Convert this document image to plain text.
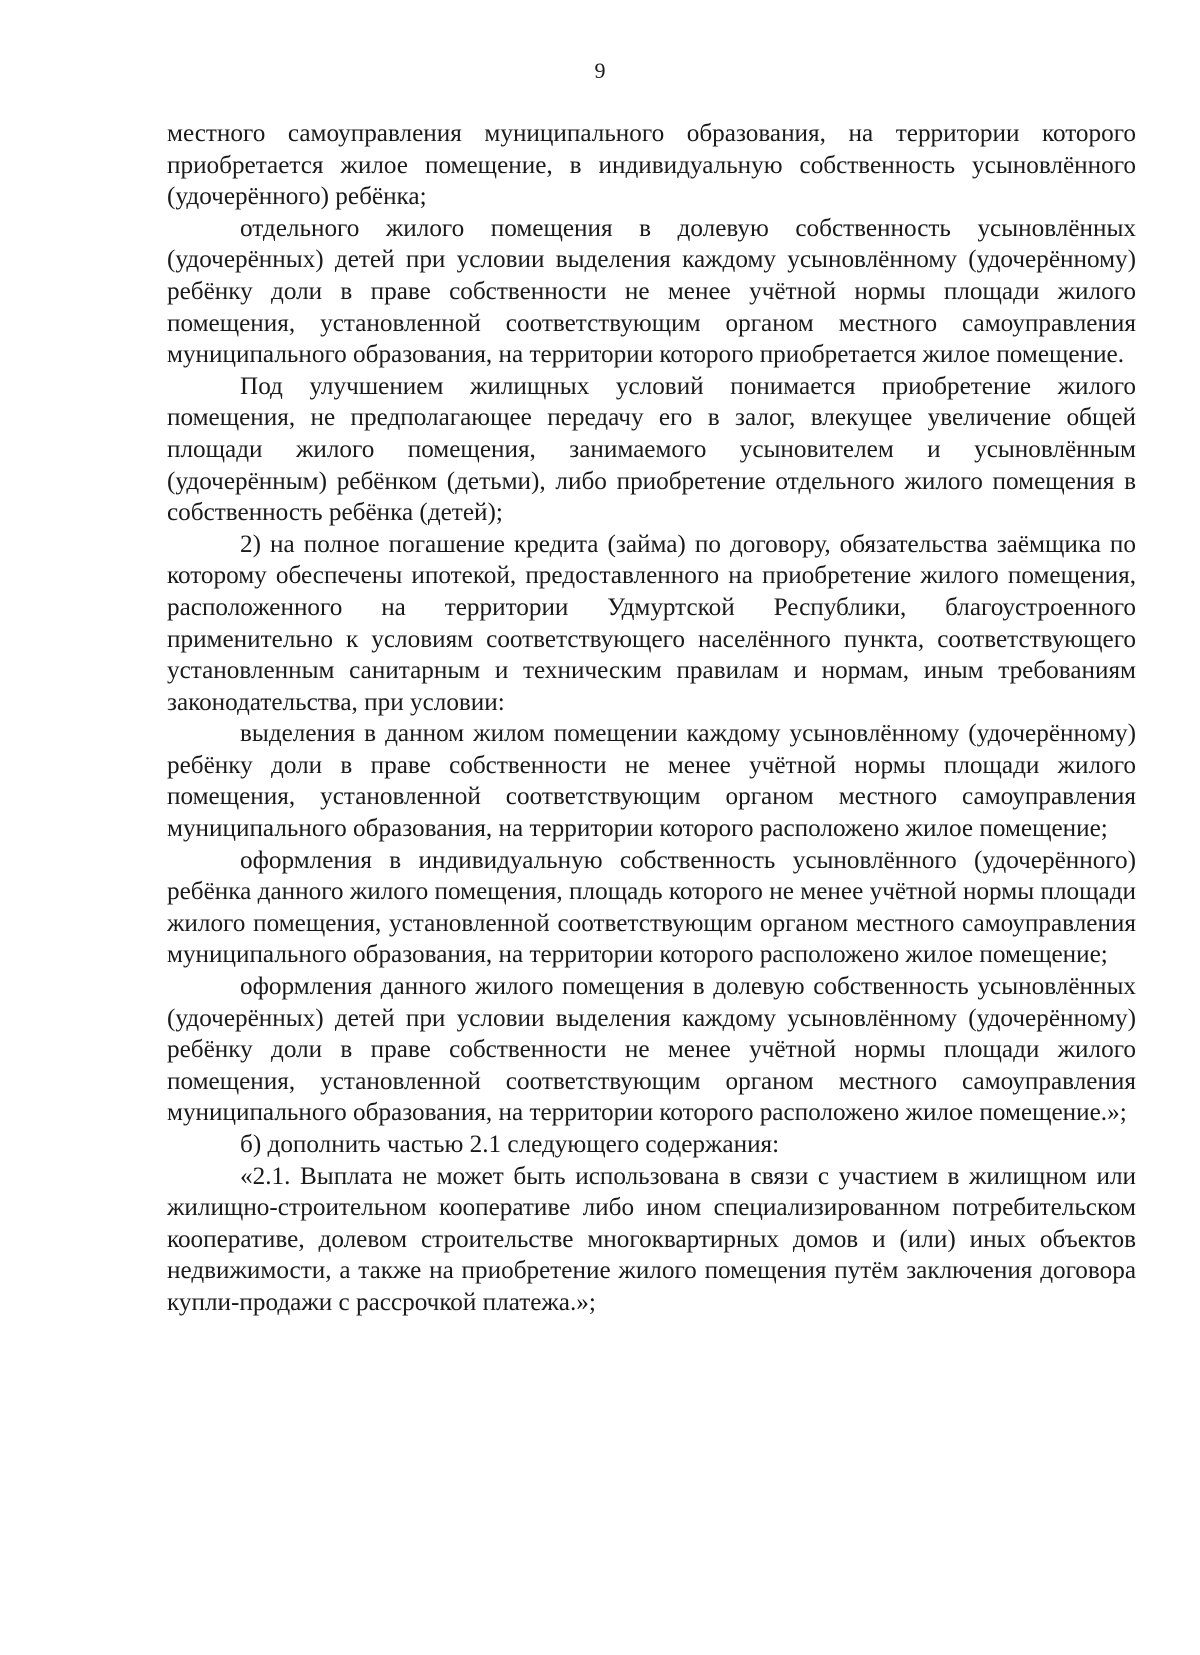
9

местного самоуправления муниципального образования, на территории которого приобретается жилое помещение, в индивидуальную собственность усыновлённого (удочерённого) ребёнка;

отдельного жилого помещения в долевую собственность усыновлённых (удочерённых) детей при условии выделения каждому усыновлённому (удочерённому) ребёнку доли в праве собственности не менее учётной нормы площади жилого помещения, установленной соответствующим органом местного самоуправления муниципального образования, на территории которого приобретается жилое помещение.

Под улучшением жилищных условий понимается приобретение жилого помещения, не предполагающее передачу его в залог, влекущее увеличение общей площади жилого помещения, занимаемого усыновителем и усыновлённым (удочерённым) ребёнком (детьми), либо приобретение отдельного жилого помещения в собственность ребёнка (детей);

2) на полное погашение кредита (займа) по договору, обязательства заёмщика по которому обеспечены ипотекой, предоставленного на приобретение жилого помещения, расположенного на территории Удмуртской Республики, благоустроенного применительно к условиям соответствующего населённого пункта, соответствующего установленным санитарным и техническим правилам и нормам, иным требованиям законодательства, при условии:

выделения в данном жилом помещении каждому усыновлённому (удочерённому) ребёнку доли в праве собственности не менее учётной нормы площади жилого помещения, установленной соответствующим органом местного самоуправления муниципального образования, на территории которого расположено жилое помещение;

оформления в индивидуальную собственность усыновлённого (удочерённого) ребёнка данного жилого помещения, площадь которого не менее учётной нормы площади жилого помещения, установленной соответствующим органом местного самоуправления муниципального образования, на территории которого расположено жилое помещение;

оформления данного жилого помещения в долевую собственность усыновлённых (удочерённых) детей при условии выделения каждому усыновлённому (удочерённому) ребёнку доли в праве собственности не менее учётной нормы площади жилого помещения, установленной соответствующим органом местного самоуправления муниципального образования, на территории которого расположено жилое помещение.»;

б) дополнить частью 2.1 следующего содержания:

«2.1. Выплата не может быть использована в связи с участием в жилищном или жилищно-строительном кооперативе либо ином специализированном потребительском кооперативе, долевом строительстве многоквартирных домов и (или) иных объектов недвижимости, а также на приобретение жилого помещения путём заключения договора купли-продажи с рассрочкой платежа.»;
